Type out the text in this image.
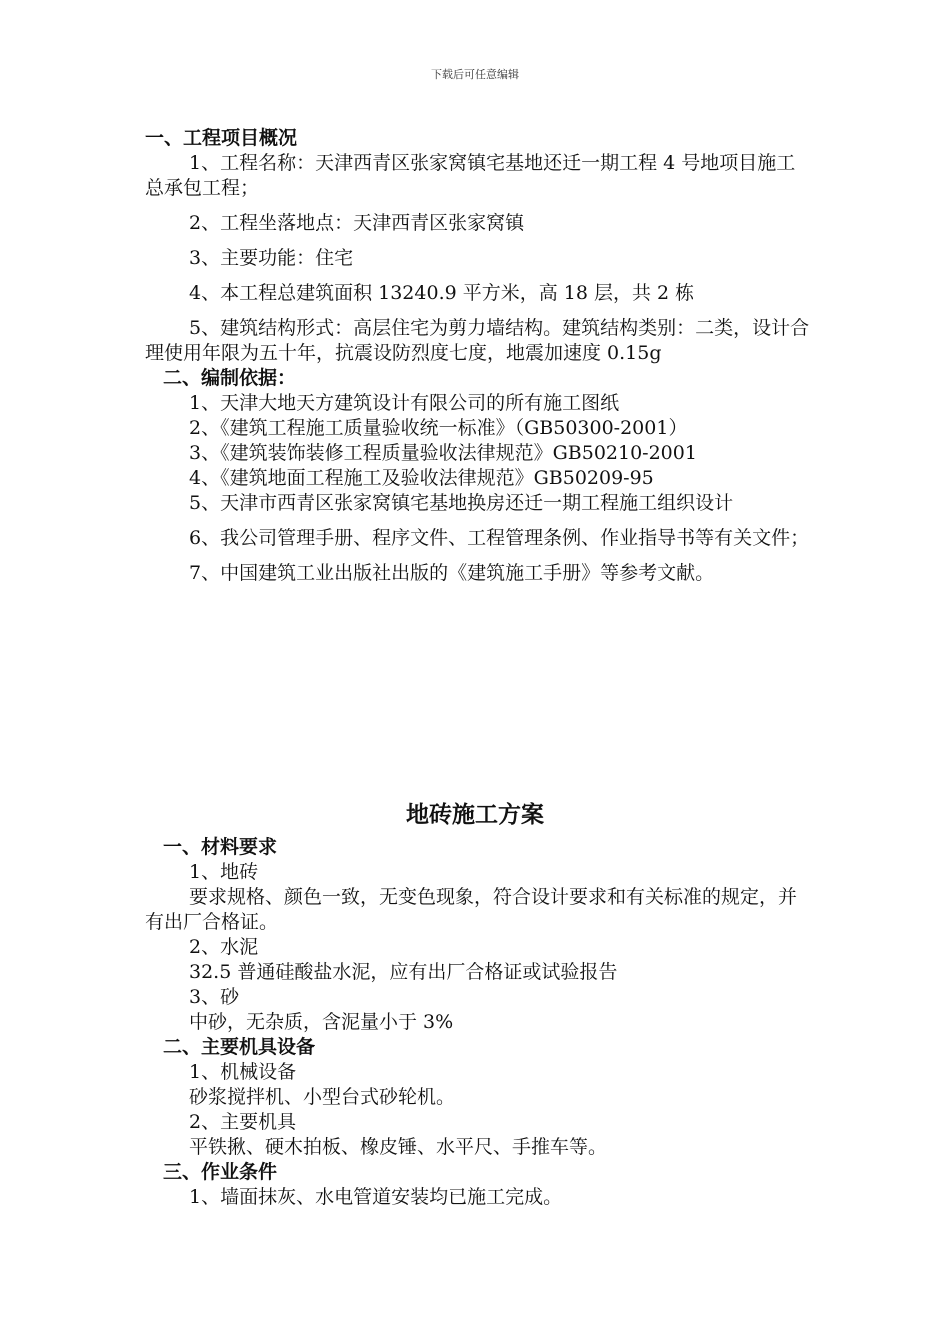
下载后可任意编辑
一、工程项目概况
1、工程名称：天津西青区张家窝镇宅基地还迁一期工程 4 号地项目施工总承包工程；
2、工程坐落地点：天津西青区张家窝镇
3、主要功能：住宅
4、本工程总建筑面积 13240.9 平方米，高 18 层，共 2 栋
5、建筑结构形式：高层住宅为剪力墙结构。建筑结构类别：二类，设计合理使用年限为五十年，抗震设防烈度七度，地震加速度 0.15g
二、编制依据：
1、天津大地天方建筑设计有限公司的所有施工图纸
2、《建筑工程施工质量验收统一标准》（GB50300-2001）
3、《建筑装饰装修工程质量验收法律规范》GB50210-2001
4、《建筑地面工程施工及验收法律规范》GB50209-95
5、天津市西青区张家窝镇宅基地换房还迁一期工程施工组织设计
6、我公司管理手册、程序文件、工程管理条例、作业指导书等有关文件；
7、中国建筑工业出版社出版的《建筑施工手册》等参考文献。
地砖施工方案
一、材料要求
1、地砖
要求规格、颜色一致，无变色现象，符合设计要求和有关标准的规定，并有出厂合格证。
2、水泥
32.5 普通硅酸盐水泥，应有出厂合格证或试验报告
3、砂
中砂，无杂质，含泥量小于 3%
二、主要机具设备
1、机械设备
砂浆搅拌机、小型台式砂轮机。
2、主要机具
平铁揪、硬木拍板、橡皮锤、水平尺、手推车等。
三、作业条件
1、墙面抹灰、水电管道安装均已施工完成。
